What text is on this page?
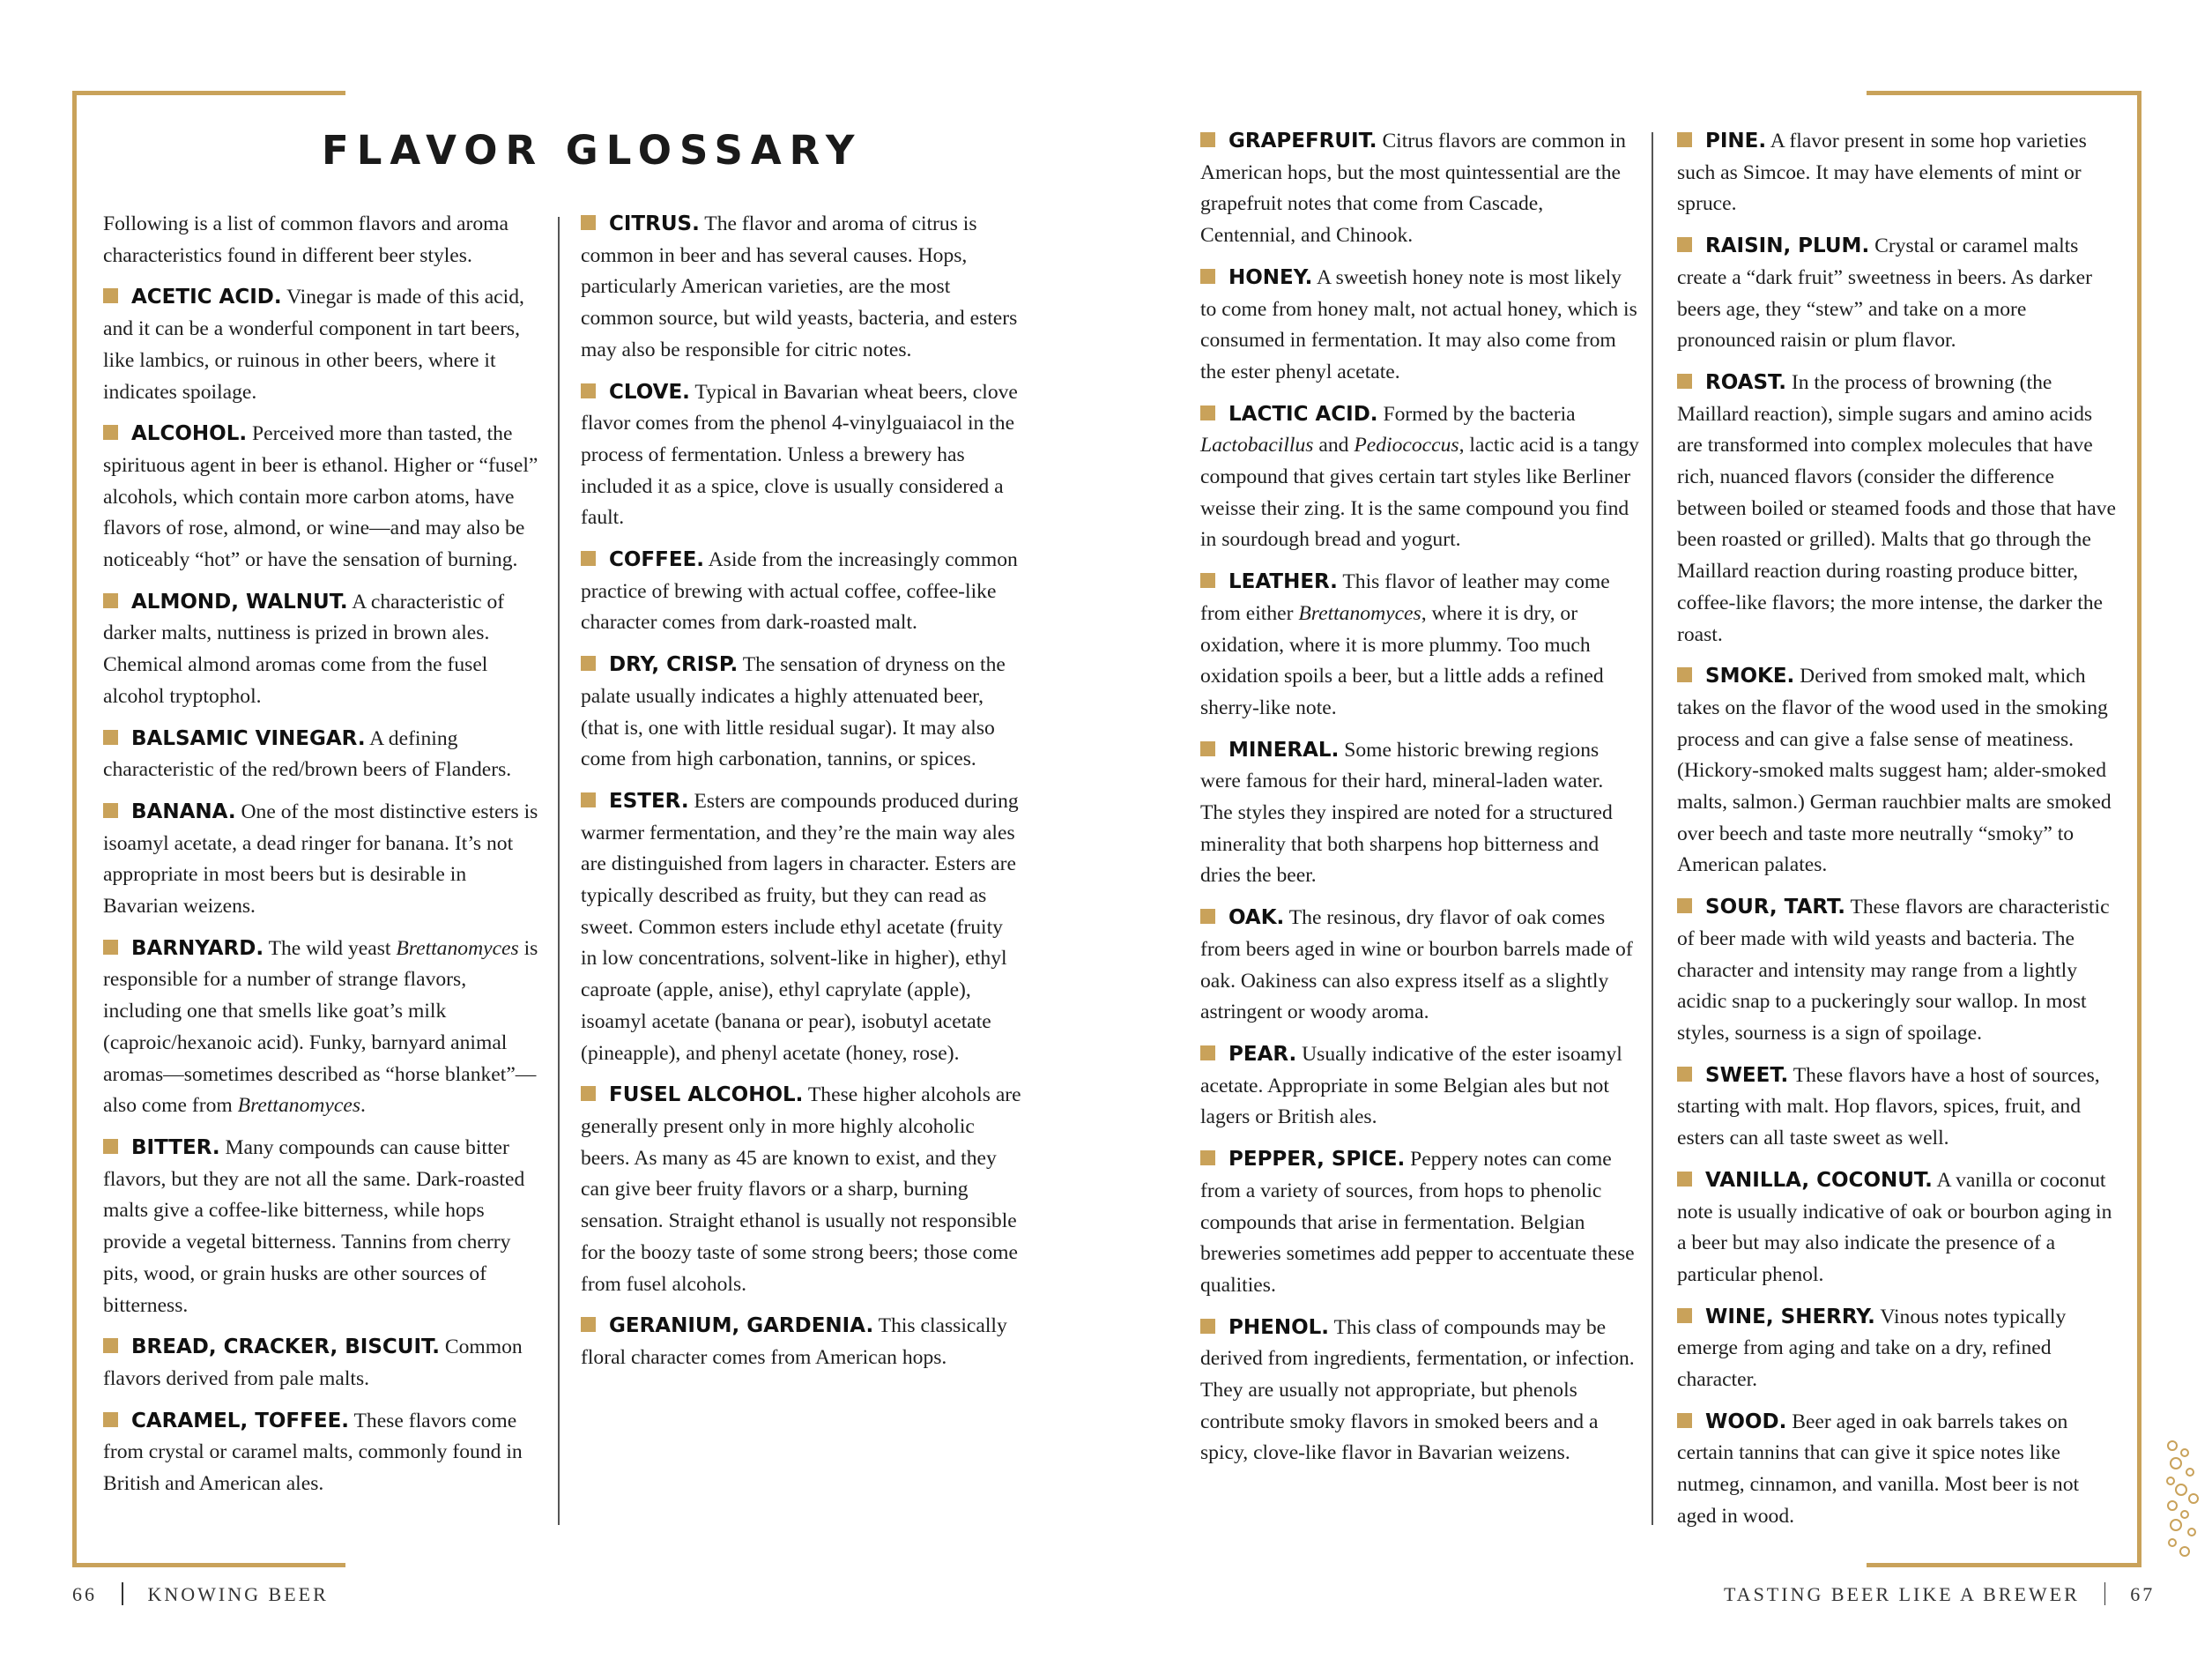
FLAVOR GLOSSARY

Following is a list of common flavors and aroma characteristics found in different beer styles.

ACETIC ACID. Vinegar is made of this acid, and it can be a wonderful component in tart beers, like lambics, or ruinous in other beers, where it indicates spoilage.

ALCOHOL. Perceived more than tasted, the spirituous agent in beer is ethanol. Higher or “fusel” alcohols, which contain more carbon atoms, have flavors of rose, almond, or wine—and may also be noticeably “hot” or have the sensation of burning.

ALMOND, WALNUT. A characteristic of darker malts, nuttiness is prized in brown ales. Chemical almond aromas come from the fusel alcohol tryptophol.

BALSAMIC VINEGAR. A defining characteristic of the red/brown beers of Flanders.

BANANA. One of the most distinctive esters is isoamyl acetate, a dead ringer for banana. It’s not appropriate in most beers but is desirable in Bavarian weizens.

BARNYARD. The wild yeast Brettanomyces is responsible for a number of strange flavors, including one that smells like goat’s milk (caproic/hexanoic acid). Funky, barnyard animal aromas—sometimes described as “horse blanket”—also come from Brettanomyces.

BITTER. Many compounds can cause bitter flavors, but they are not all the same. Dark-roasted malts give a coffee-like bitterness, while hops provide a vegetal bitterness. Tannins from cherry pits, wood, or grain husks are other sources of bitterness.

BREAD, CRACKER, BISCUIT. Common flavors derived from pale malts.

CARAMEL, TOFFEE. These flavors come from crystal or caramel malts, commonly found in British and American ales.

CITRUS. The flavor and aroma of citrus is common in beer and has several causes. Hops, particularly American varieties, are the most common source, but wild yeasts, bacteria, and esters may also be responsible for citric notes.

CLOVE. Typical in Bavarian wheat beers, clove flavor comes from the phenol 4-vinylguaiacol in the process of fermentation. Unless a brewery has included it as a spice, clove is usually considered a fault.

COFFEE. Aside from the increasingly common practice of brewing with actual coffee, coffee-like character comes from dark-roasted malt.

DRY, CRISP. The sensation of dryness on the palate usually indicates a highly attenuated beer, (that is, one with little residual sugar). It may also come from high carbonation, tannins, or spices.

ESTER. Esters are compounds produced during warmer fermentation, and they’re the main way ales are distinguished from lagers in character. Esters are typically described as fruity, but they can read as sweet. Common esters include ethyl acetate (fruity in low concentrations, solvent-like in higher), ethyl caproate (apple, anise), ethyl caprylate (apple), isoamyl acetate (banana or pear), isobutyl acetate (pineapple), and phenyl acetate (honey, rose).

FUSEL ALCOHOL. These higher alcohols are generally present only in more highly alcoholic beers. As many as 45 are known to exist, and they can give beer fruity flavors or a sharp, burning sensation. Straight ethanol is usually not responsible for the boozy taste of some strong beers; those come from fusel alcohols.

GERANIUM, GARDENIA. This classically floral character comes from American hops.

GRAPEFRUIT. Citrus flavors are common in American hops, but the most quintessential are the grapefruit notes that come from Cascade, Centennial, and Chinook.

HONEY. A sweetish honey note is most likely to come from honey malt, not actual honey, which is consumed in fermentation. It may also come from the ester phenyl acetate.

LACTIC ACID. Formed by the bacteria Lactobacillus and Pediococcus, lactic acid is a tangy compound that gives certain tart styles like Berliner weisse their zing. It is the same compound you find in sourdough bread and yogurt.

LEATHER. This flavor of leather may come from either Brettanomyces, where it is dry, or oxidation, where it is more plummy. Too much oxidation spoils a beer, but a little adds a refined sherry-like note.

MINERAL. Some historic brewing regions were famous for their hard, mineral-laden water. The styles they inspired are noted for a structured minerality that both sharpens hop bitterness and dries the beer.

OAK. The resinous, dry flavor of oak comes from beers aged in wine or bourbon barrels made of oak. Oakiness can also express itself as a slightly astringent or woody aroma.

PEAR. Usually indicative of the ester isoamyl acetate. Appropriate in some Belgian ales but not lagers or British ales.

PEPPER, SPICE. Peppery notes can come from a variety of sources, from hops to phenolic compounds that arise in fermentation. Belgian breweries sometimes add pepper to accentuate these qualities.

PHENOL. This class of compounds may be derived from ingredients, fermentation, or infection. They are usually not appropriate, but phenols contribute smoky flavors in smoked beers and a spicy, clove-like flavor in Bavarian weizens.

PINE. A flavor present in some hop varieties such as Simcoe. It may have elements of mint or spruce.

RAISIN, PLUM. Crystal or caramel malts create a “dark fruit” sweetness in beers. As darker beers age, they “stew” and take on a more pronounced raisin or plum flavor.

ROAST. In the process of browning (the Maillard reaction), simple sugars and amino acids are transformed into complex molecules that have rich, nuanced flavors (consider the difference between boiled or steamed foods and those that have been roasted or grilled). Malts that go through the Maillard reaction during roasting produce bitter, coffee-like flavors; the more intense, the darker the roast.

SMOKE. Derived from smoked malt, which takes on the flavor of the wood used in the smoking process and can give a false sense of meatiness. (Hickory-smoked malts suggest ham; alder-smoked malts, salmon.) German rauchbier malts are smoked over beech and taste more neutrally “smoky” to American palates.

SOUR, TART. These flavors are characteristic of beer made with wild yeasts and bacteria. The character and intensity may range from a lightly acidic snap to a puckeringly sour wallop. In most styles, sourness is a sign of spoilage.

SWEET. These flavors have a host of sources, starting with malt. Hop flavors, spices, fruit, and esters can all taste sweet as well.

VANILLA, COCONUT. A vanilla or coconut note is usually indicative of oak or bourbon aging in a beer but may also indicate the presence of a particular phenol.

WINE, SHERRY. Vinous notes typically emerge from aging and take on a dry, refined character.

WOOD. Beer aged in oak barrels takes on certain tannins that can give it spice notes like nutmeg, cinnamon, and vanilla. Most beer is not aged in wood.

66	KNOWING BEER	TASTING BEER LIKE A BREWER	67
